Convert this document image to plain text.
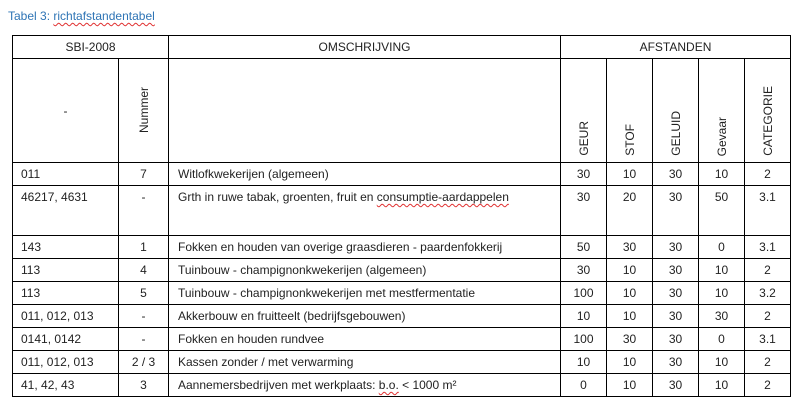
Tabel 3: richtafstandentabel
SBI-2008		OMSCHRIJVING	AFSTANDEN				
-	Nummer		GEUR	STOF	GELUID	Gevaar	CATEGORIE

011	7	Witlofkwekerijen (algemeen)	30	10	30	10	2
46217, 4631	-	Grth in ruwe tabak, groenten, fruit en consumptie-aardappelen	30	20	30	50	3.1
143	1	Fokken en houden van overige graasdieren - paardenfokkerij	50	30	30	0	3.1
113	4	Tuinbouw - champignonkwekerijen (algemeen)	30	10	30	10	2
113	5	Tuinbouw - champignonkwekerijen met mestfermentatie	100	10	30	10	3.2
011, 012, 013	-	Akkerbouw en fruitteelt (bedrijfsgebouwen)	10	10	30	30	2
0141, 0142	-	Fokken en houden rundvee	100	30	30	0	3.1
011, 012, 013	2 / 3	Kassen zonder / met verwarming	10	10	30	10	2
41, 42, 43	3	Aannemersbedrijven met werkplaats: b.o. < 1000 m²	0	10	30	10	2
